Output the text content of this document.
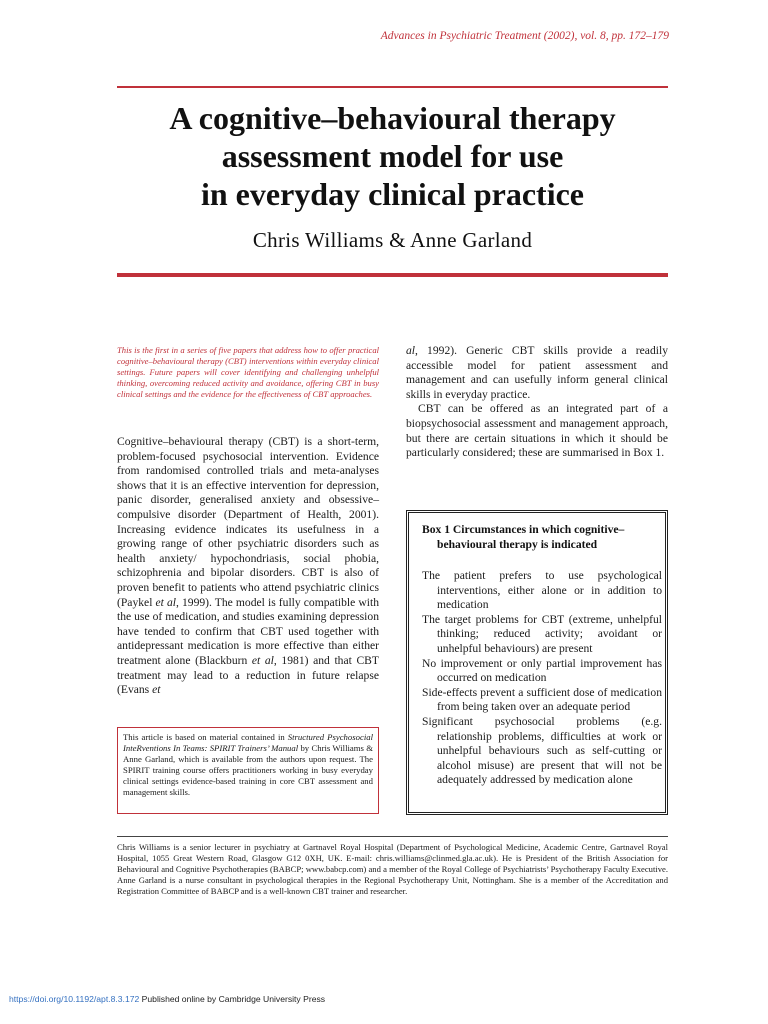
Advances in Psychiatric Treatment (2002), vol. 8, pp. 172–179
A cognitive–behavioural therapy
assessment model for use
in everyday clinical practice
Chris Williams & Anne Garland
This is the first in a series of five papers that address how to offer practical cognitive–behavioural therapy (CBT) interventions within everyday clinical settings. Future papers will cover identifying and challenging unhelpful thinking, overcoming reduced activity and avoidance, offering CBT in busy clinical settings and the evidence for the effectiveness of CBT approaches.

Cognitive–behavioural therapy (CBT) is a short-term, problem-focused psychosocial intervention. Evidence from randomised controlled trials and meta-analyses shows that it is an effective intervention for depression, panic disorder, generalised anxiety and obsessive–compulsive disorder (Department of Health, 2001). Increasing evidence indicates its usefulness in a growing range of other psychiatric disorders such as health anxiety/ hypochondriasis, social phobia, schizophrenia and bipolar disorders. CBT is also of proven benefit to patients who attend psychiatric clinics (Paykel et al, 1999). The model is fully compatible with the use of medication, and studies examining depression have tended to confirm that CBT used together with antidepressant medication is more effective than either treatment alone (Blackburn et al, 1981) and that CBT treatment may lead to a reduction in future relapse (Evans et

This article is based on material contained in Structured Psychosocial InteRventions In Teams: SPIRIT Trainers’ Manual by Chris Williams & Anne Garland, which is available from the authors upon request. The SPIRIT training course offers practitioners working in busy everyday clinical settings evidence-based training in core CBT assessment and management skills.

al, 1992). Generic CBT skills provide a readily accessible model for patient assessment and management and can usefully inform general clinical skills in everyday practice.

CBT can be offered as an integrated part of a biopsychosocial assessment and management approach, but there are certain situations in which it should be particularly considered; these are summarised in Box 1.

Box 1 Circumstances in which cognitive–
behavioural therapy is indicated
The patient prefers to use psychological interventions, either alone or in addition to medication
The target problems for CBT (extreme, unhelpful thinking; reduced activity; avoidant or unhelpful behaviours) are present
No improvement or only partial improvement has occurred on medication
Side-effects prevent a sufficient dose of medication from being taken over an adequate period
Significant psychosocial problems (e.g. relationship problems, difficulties at work or unhelpful behaviours such as self-cutting or alcohol misuse) are present that will not be adequately addressed by medication alone
Chris Williams is a senior lecturer in psychiatry at Gartnavel Royal Hospital (Department of Psychological Medicine, Academic Centre, Gartnavel Royal Hospital, 1055 Great Western Road, Glasgow G12 0XH, UK. E-mail: chris.williams@clinmed.gla.ac.uk). He is President of the British Association for Behavioural and Cognitive Psychotherapies (BABCP; www.babcp.com) and a member of the Royal College of Psychiatrists’ Psychotherapy Faculty Executive. Anne Garland is a nurse consultant in psychological therapies in the Regional Psychotherapy Unit, Nottingham. She is a member of the Accreditation and Registration Committee of BABCP and is a well-known CBT trainer and researcher.
https://doi.org/10.1192/apt.8.3.172 Published online by Cambridge University Press
